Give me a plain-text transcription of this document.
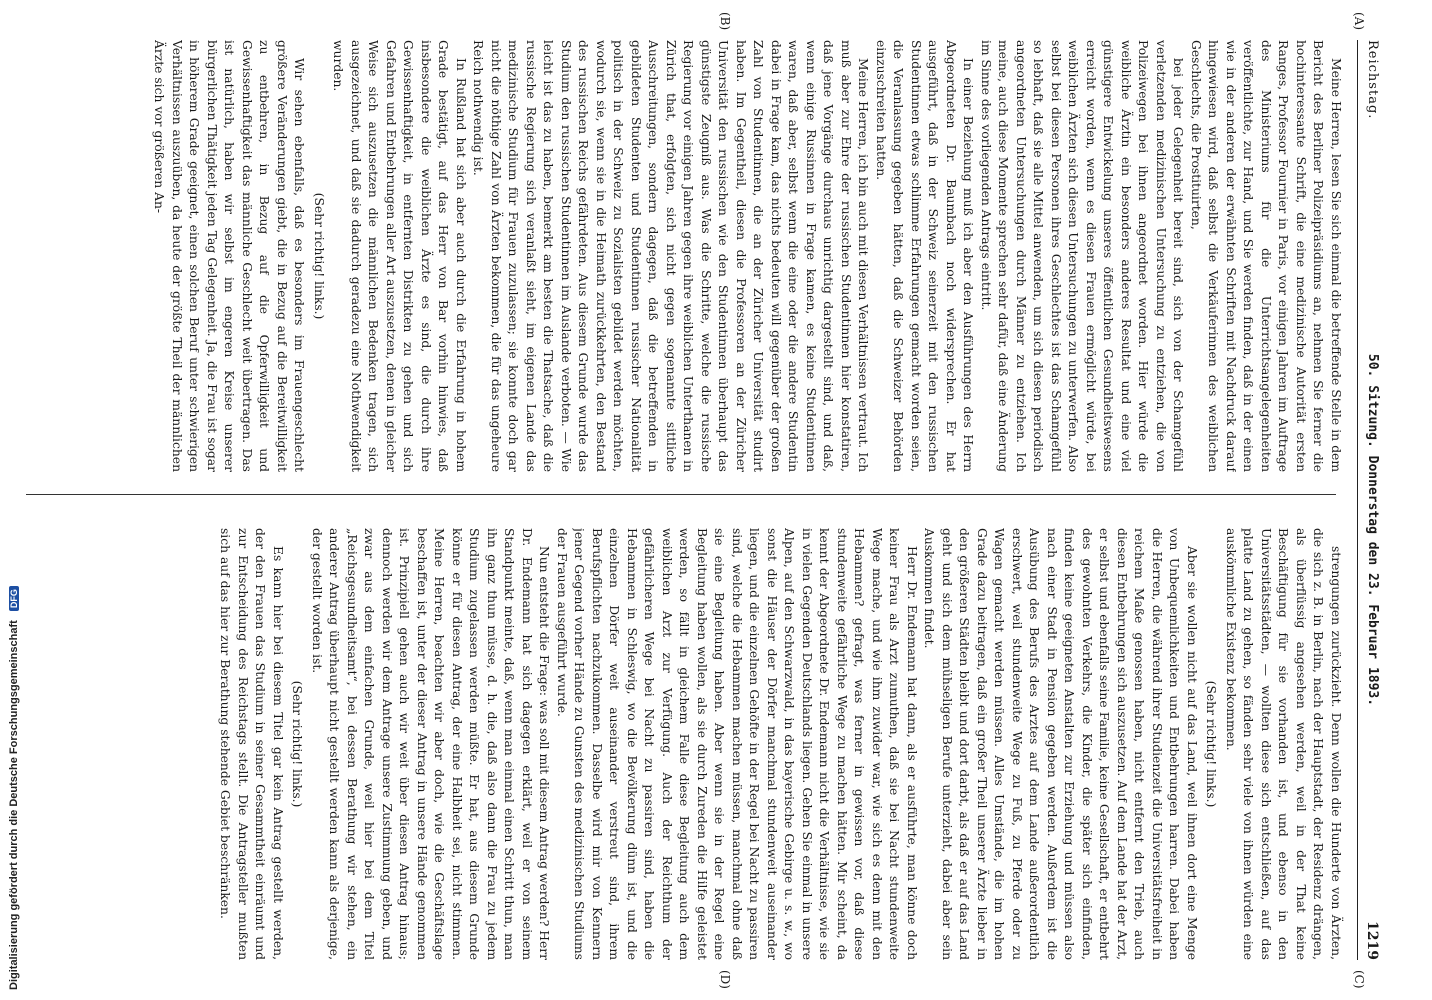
Reichstag.
50. Sitzung. Donnerstag den 23. Februar 1893.
1219
(A)
(B)
(C)
(D)

Meine Herren, lesen Sie sich einmal die betreffende Stelle in dem Bericht des Berliner Polizeipräsidiums an, nehmen Sie ferner die hochinteressante Schrift, die eine medizinische Autorität ersten Ranges, Professor Fournier in Paris, vor einigen Jahren im Auftrage des Ministeriums für die Unterrichtsangelegenheiten veröffentlichte, zur Hand, und Sie werden finden, daß in der einen wie in der anderen der erwähnten Schriften mit Nachdruck darauf hingewiesen wird, daß selbst die Verkäuferinnen des weiblichen Geschlechts, die Prostituirten,

bei jeder Gelegenheit bereit sind, sich von der Schamgefühl verletzenden medizinischen Untersuchung zu entziehen, die von Polizeiwegen bei ihnen angeordnet worden. Hier würde die weibliche Ärztin ein besonders anderes Resultat und eine viel günstigere Entwickelung unseres öffentlichen Gesundheitswesens erreicht worden, wenn es diesen Frauen ermöglicht würde, bei weiblichen Ärzten sich diesen Untersuchungen zu unterwerfen. Also selbst bei diesen Personen ihres Geschlechtes ist das Schamgefühl so lebhaft, daß sie alle Mittel anwenden, um sich diesen periodisch angeordneten Untersuchungen durch Männer zu entziehen. Ich meine, auch diese Momente sprechen sehr dafür, daß eine Änderung im Sinne des vorliegenden Antrags eintritt.

In einer Beziehung muß ich aber den Ausführungen des Herrn Abgeordneten Dr. Baumbach noch widersprechen. Er hat ausgeführt, daß in der Schweiz seinerzeit mit den russischen Studentinnen etwas schlimme Erfahrungen gemacht worden seien, die Veranlassung gegeben hätten, daß die Schweizer Behörden einzuschreiten hatten.

Meine Herren, ich bin auch mit diesen Verhältnissen vertraut. Ich muß aber zur Ehre der russischen Studentinnen hier konstatiren, daß jene Vorgänge durchaus unrichtig dargestellt sind, und daß, wenn einige Russinnen in Frage kamen, es keine Studentinnen waren, daß aber, selbst wenn die eine oder die andere Studentin dabei in Frage kam, das nichts bedeuten will gegenüber der großen Zahl von Studentinnen, die an der Züricher Universität studirt haben. Im Gegentheil, diesen die Professoren an der Züricher Universität den russischen wie den Studentinnen überhaupt das günstigste Zeugniß aus. Was die Schritte, welche die russische Regierung vor einigen Jahren gegen ihre weiblichen Unterthanen in Zürich that, erfolgten, sich nicht gegen sogenannte sittliche Ausschreitungen, sondern dagegen, daß die betreffenden in gebildeten Studenten und Studentinnen russischer Nationalität politisch in der Schweiz zu Sozialisten gebildet werden möchten, wodurch sie, wenn sie in die Heimath zurückkehrten, den Bestand des russischen Reichs gefährdeten. Aus diesem Grunde wurde das Studium den russischen Studentinnen im Auslande verboten. — Wie leicht ist das zu haben, bemerkt am besten die Thatsache, daß die russische Regierung sich veranlaßt sieht, im eigenen Lande das medizinische Studium für Frauen zuzulassen; sie konnte doch gar nicht die nöthige Zahl von Ärzten bekommen, die für das ungeheure Reich nothwendig ist.

In Rußland hat sich aber auch durch die Erfahrung in hohem Grade bestätigt, auf das Herr von Bar vorhin hinwies, daß insbesondere die weiblichen Ärzte es sind, die durch ihre Gewissenhaftigkeit, in entfernten Distrikten zu gehen und sich Gefahren und Entbehrungen aller Art auszusetzen, denen in gleicher Weise sich auszusetzen die männlichen Bedenken tragen, sich ausgezeichnet, und daß sie dadurch geradezu eine Nothwendigkeit wurden.

(Sehr richtig! links.)

Wir sehen ebenfalls, daß es besonders im Frauengeschlecht größere Veränderungen giebt, die in Bezug auf die Bereitwilligkeit zu entbehren, in Bezug auf die Opferwilligkeit und Gewissenhaftigkeit das männliche Geschlecht weit übertragen. Das ist natürlich, haben wir selbst im engeren Kreise unserer bürgerlichen Thätigkeit jeden Tag Gelegenheit. Ja, die Frau ist sogar in höherem Grade geeignet, einen solchen Beruf unter schwierigen Verhältnissen auszuüben, da heute der größte Theil der männlichen Ärzte sich vor größeren An-

strengungen zurückzieht. Denn wollen die Hunderte von Ärzten, die sich z. B. in Berlin, nach der Hauptstadt, der Residenz drängen, als überflüssig angesehen werden, weil in der That keine Beschäftigung für sie vorhanden ist, und ebenso in den Universitätsstädten, — wollten diese sich entschließen, auf das platte Land zu gehen, so fänden sehr viele von ihnen würden eine auskömmliche Existenz bekommen.

(Sehr richtig! links.)

Aber sie wollen nicht auf das Land, weil ihnen dort eine Menge von Unbequemlichkeiten und Entbehrungen harren. Dabei haben die Herren, die während ihrer Studienzeit die Universitätsfreiheit in reichem Maße genossen haben, nicht entfernt den Trieb, auch diesen Entbehrungen sich auszusetzen. Auf dem Lande hat der Arzt, er selbst und ebenfalls seine Familie, keine Gesellschaft, er entbehrt des gewohnten Verkehrs, die Kinder, die später sich einfinden, finden keine geeigneten Anstalten zur Erziehung und müssen also nach einer Stadt in Pension gegeben werden. Außerdem ist die Ausübung des Berufs des Arztes auf dem Lande außerordentlich erschwert, weil stundenweite Wege zu Fuß, zu Pferde oder zu Wagen gemacht werden müssen. Alles Umstände, die im hohen Grade dazu beitragen, daß ein großer Theil unserer Ärzte lieber in den größeren Städten bleibt und dort darbt, als daß er auf das Land geht und sich dem mühseligen Berufe unterzieht, dabei aber sein Auskommen findet.

Herr Dr. Endemann hat dann, als er ausführte, man könne doch keiner Frau als Arzt zumuthen, daß sie bei Nacht stundenweite Wege mache, und wie ihm zuwider war, wie sich es denn mit den Hebammen? gefragt, was ferner in gewissen vor, daß diese stundenweite gefährliche Wege zu machen hätten. Mir scheint, da kennt der Abgeordnete Dr. Endemann nicht die Verhältnisse, wie sie in vielen Gegenden Deutschlands liegen. Gehen Sie einmal in unsere Alpen, auf den Schwarzwald, in das bayerische Gebirge u. s. w., wo sonst die Häuser der Dörfer manchmal stundenweit auseinander liegen, und die einzelnen Gehöfte in der Regel bei Nacht zu passiren sind, welche die Hebammen machen müssen, manchmal ohne daß sie eine Begleitung haben. Aber wenn sie in der Regel eine Begleitung haben wollen, als sie durch Zureden die Hilfe geleistet werden, so fällt in gleichem Falle diese Begleitung auch dem weiblichen Arzt zur Verfügung. Auch der Reichthum der gefährlicheren Wege bei Nacht zu passiren sind, haben die Hebammen in Schleswig, wo die Bevölkerung dünn ist, und die einzelnen Dörfer weit auseinander verstreut sind, ihrem Berufspflichten nachzukommen. Dasselbe wird mir von Kennern jener Gegend vorher Hände zu Gunsten des medizinischen Studiums der Frauen ausgeführt wurde.

Nun entsteht die Frage: was soll mit diesem Antrag werden? Herr Dr. Endemann hat sich dagegen erklärt, weil er von seinem Standpunkt meinte, daß, wenn man einmal einen Schritt thun, man ihn ganz thun müsse, d. h. die, daß also dann die Frau zu jedem Studium zugelassen werden müßte. Er hat, aus diesem Grunde könne er für diesen Antrag, der eine Halbheit sei, nicht stimmen. Meine Herren, beachten wir aber doch, wie die Geschäftslage beschaffen ist, unter der dieser Antrag in unsere Hände genommen ist. Prinzipiell gehen auch wir weit über diesen Antrag hinaus; dennoch werden wir dem Antrage unsere Zustimmung geben, und zwar aus dem einfachen Grunde, weil hier bei dem Titel „Reichsgesundheitsamt“, bei dessen Berathung wir stehen, ein anderer Antrag überhaupt nicht gestellt werden kann als derjenige, der gestellt worden ist.

(Sehr richtig! links.)

Es kann hier bei diesem Titel gar kein Antrag gestellt werden, der den Frauen das Studium in seiner Gesammtheit einräumt und zur Entscheidung des Reichstags stellt. Die Antragsteller mußten sich auf das hier zur Berathung stehende Gebiet beschränken.

Digitalisierung gefördert durch die Deutsche Forschungsgemeinschaft DFG
